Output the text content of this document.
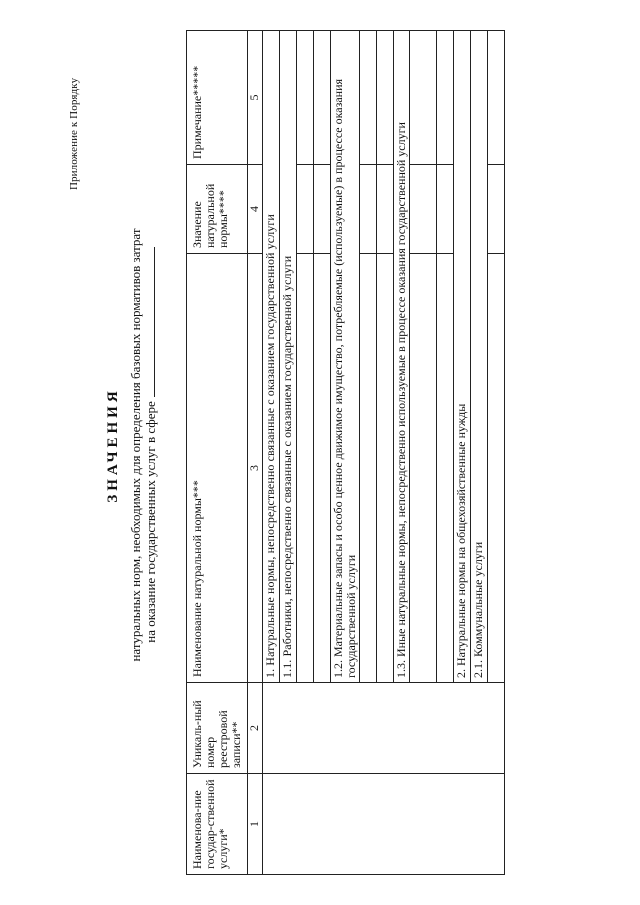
Приложение к Порядку
ЗНАЧЕНИЯ натуральных норм, необходимых для определения базовых нормативов затрат на оказание государственных услуг в сфере
Наименова-ние государ-ственной услуги*	Уникаль-ный номер реестровой записи**	Наименование натуральной нормы***	Значение натуральной нормы****	Примечание*****
1	2	3	4	5
		1. Натуральные нормы, непосредственно связанные с оказанием государственной услуги		
		1.1. Работники, непосредственно связанные с оказанием государственной услуги		

		1.2. Материальные запасы и особо ценное движимое имущество, потребляемые (используемые) в процессе оказания государственной услуги		

		1.3. Иные натуральные нормы, непосредственно используемые в процессе оказания государственной услуги		

		2. Натуральные нормы на общехозяйственные нужды		
		2.1. Коммунальные услуги		
